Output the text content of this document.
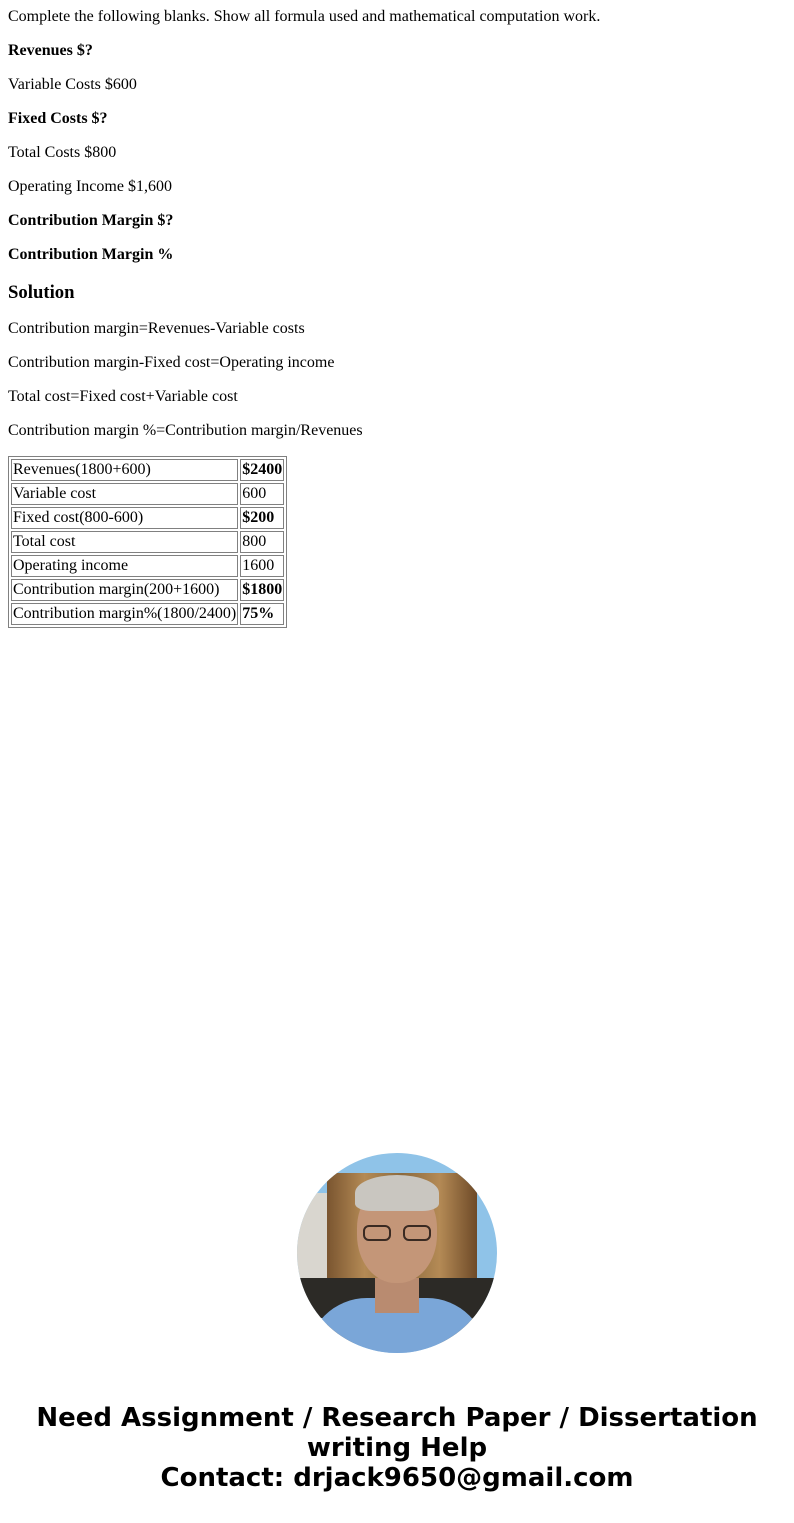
Complete the following blanks. Show all formula used and mathematical computation work.

Revenues $?

Variable Costs $600

Fixed Costs $?

Total Costs $800

Operating Income $1,600

Contribution Margin $?

Contribution Margin %

Solution

Contribution margin=Revenues-Variable costs

Contribution margin-Fixed cost=Operating income

Total cost=Fixed cost+Variable cost

Contribution margin %=Contribution margin/Revenues

Revenues(1800+600)	$2400
Variable cost	600
Fixed cost(800-600)	$200
Total cost	800
Operating income	1600
Contribution margin(200+1600)	$1800
Contribution margin%(1800/2400)	75%
Need Assignment / Research Paper / Dissertation
writing Help
Contact: drjack9650@gmail.com
